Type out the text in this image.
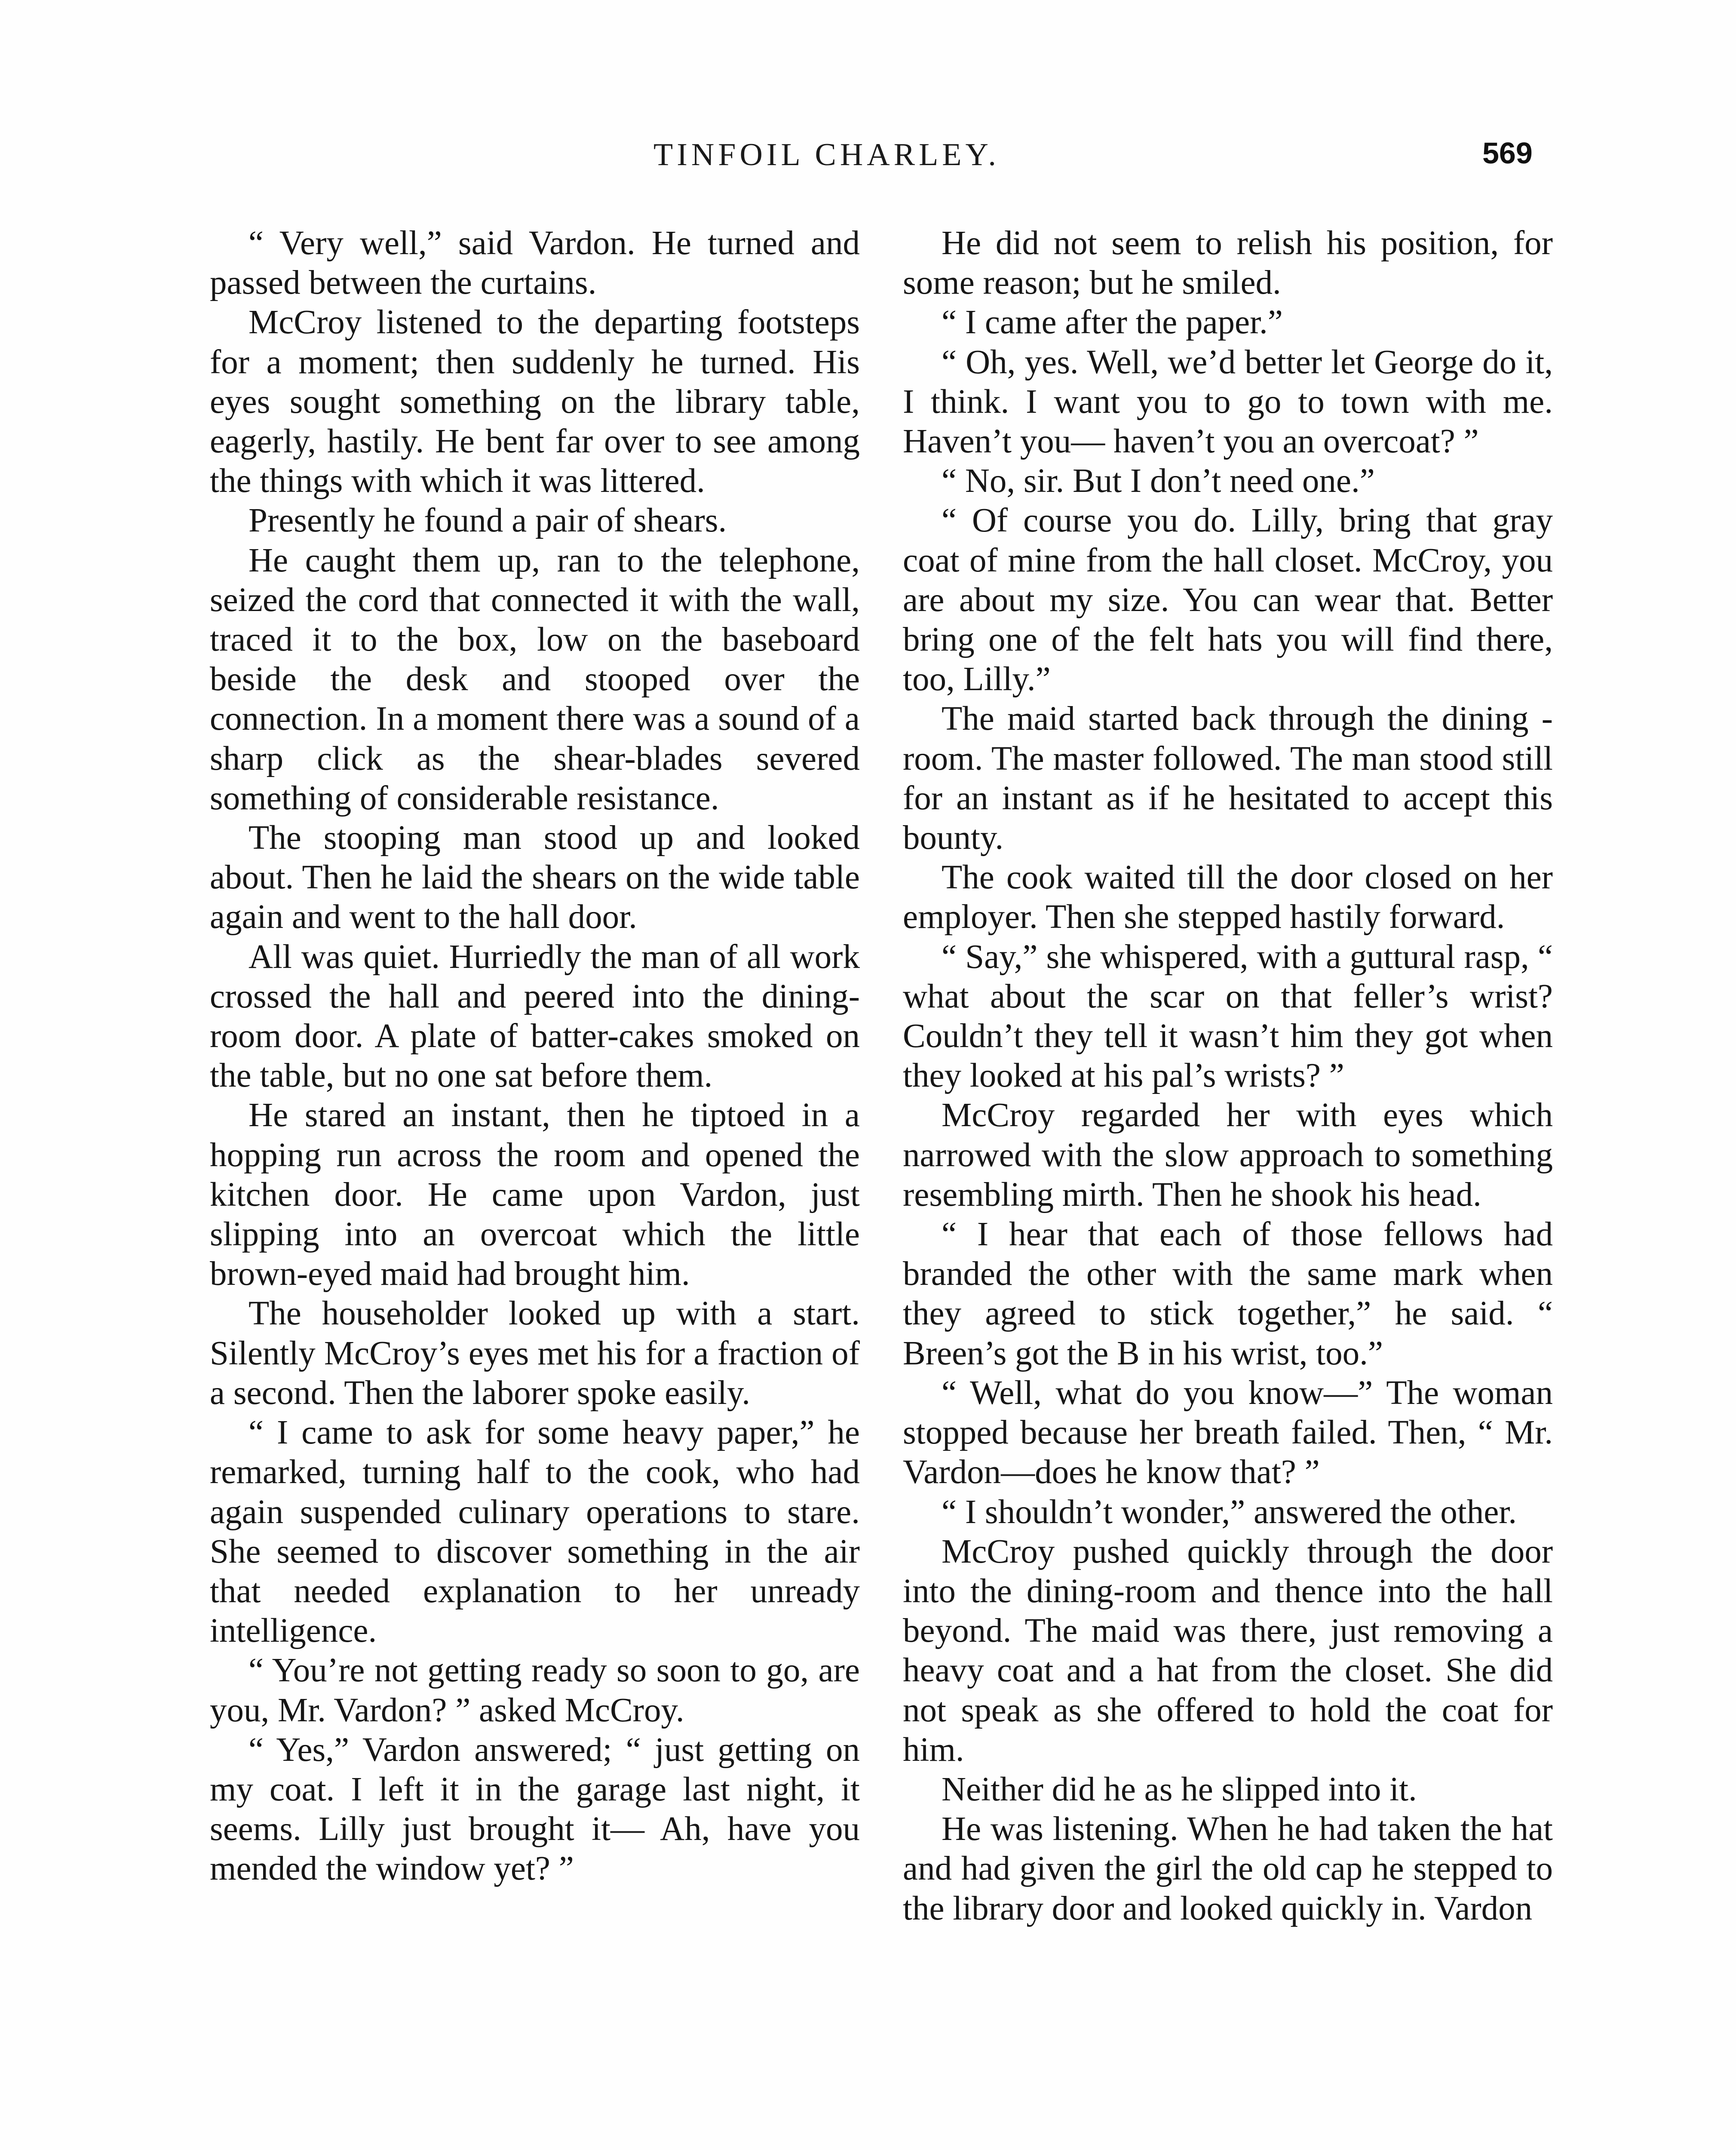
TINFOIL CHARLEY.	569

“ Very well,” said Vardon. He turned and passed between the curtains.

McCroy listened to the departing footsteps for a moment; then suddenly he turned. His eyes sought something on the library table, eagerly, hastily. He bent far over to see among the things with which it was littered.

Presently he found a pair of shears.

He caught them up, ran to the telephone, seized the cord that connected it with the wall, traced it to the box, low on the baseboard beside the desk and stooped over the connection. In a moment there was a sound of a sharp click as the shear-blades severed something of considerable resistance.

The stooping man stood up and looked about. Then he laid the shears on the wide table again and went to the hall door.

All was quiet. Hurriedly the man of all work crossed the hall and peered into the dining-room door. A plate of batter-cakes smoked on the table, but no one sat before them.

He stared an instant, then he tiptoed in a hopping run across the room and opened the kitchen door. He came upon Vardon, just slipping into an overcoat which the little brown-eyed maid had brought him.

The householder looked up with a start. Silently McCroy’s eyes met his for a fraction of a second. Then the laborer spoke easily.

“ I came to ask for some heavy paper,” he remarked, turning half to the cook, who had again suspended culinary operations to stare. She seemed to discover something in the air that needed explanation to her unready intelligence.

“ You’re not getting ready so soon to go, are you, Mr. Vardon? ” asked McCroy.

“ Yes,” Vardon answered; “ just getting on my coat. I left it in the garage last night, it seems. Lilly just brought it— Ah, have you mended the window yet? ”

He did not seem to relish his position, for some reason; but he smiled.

“ I came after the paper.”

“ Oh, yes. Well, we’d better let George do it, I think. I want you to go to town with me. Haven’t you— haven’t you an overcoat? ”

“ No, sir. But I don’t need one.”

“ Of course you do. Lilly, bring that gray coat of mine from the hall closet. McCroy, you are about my size. You can wear that. Better bring one of the felt hats you will find there, too, Lilly.”

The maid started back through the dining - room. The master followed. The man stood still for an instant as if he hesitated to accept this bounty.

The cook waited till the door closed on her employer. Then she stepped hastily forward.

“ Say,” she whispered, with a guttural rasp, “ what about the scar on that feller’s wrist? Couldn’t they tell it wasn’t him they got when they looked at his pal’s wrists? ”

McCroy regarded her with eyes which narrowed with the slow approach to something resembling mirth. Then he shook his head.

“ I hear that each of those fellows had branded the other with the same mark when they agreed to stick together,” he said. “ Breen’s got the B in his wrist, too.”

“ Well, what do you know—” The woman stopped because her breath failed. Then, “ Mr. Vardon—does he know that? ”

“ I shouldn’t wonder,” answered the other.

McCroy pushed quickly through the door into the dining-room and thence into the hall beyond. The maid was there, just removing a heavy coat and a hat from the closet. She did not speak as she offered to hold the coat for him.

Neither did he as he slipped into it.

He was listening. When he had taken the hat and had given the girl the old cap he stepped to the library door and looked quickly in. Vardon
